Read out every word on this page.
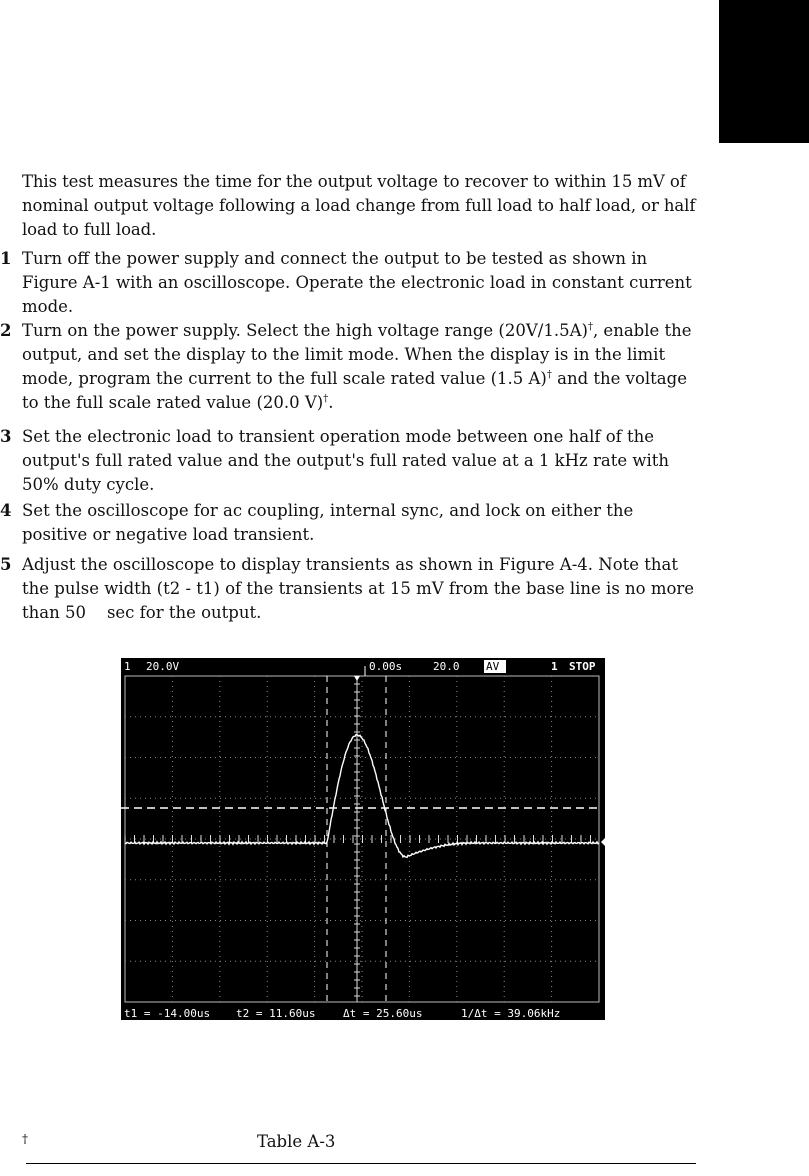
This test measures the time for the output voltage to recover to within 15 mV of nominal output voltage following a load change from full load to half load, or half load to full load.

1 Turn off the power supply and connect the output to be tested as shown in Figure A-1 with an oscilloscope. Operate the electronic load in constant current mode.
2 Turn on the power supply. Select the high voltage range (20V/1.5A)†, enable the output, and set the display to the limit mode. When the display is in the limit mode, program the current to the full scale rated value (1.5 A)† and the voltage to the full scale rated value (20.0 V)†.
3 Set the electronic load to transient operation mode between one half of the output's full rated value and the output's full rated value at a 1 kHz rate with 50% duty cycle.
4 Set the oscilloscope for ac coupling, internal sync, and lock on either the positive or negative load transient.
5 Adjust the oscilloscope to display transients as shown in Figure A-4. Note that the pulse width (t2 - t1) of the transients at 15 mV from the base line is no more than 50    sec for the output.
1 20.0V	0.00s	20.0 AV	1 STOP
t1 = -14.00us t2 = 11.60us	Δt = 25.60us	1/Δt = 39.06kHz
†	Table A-3
